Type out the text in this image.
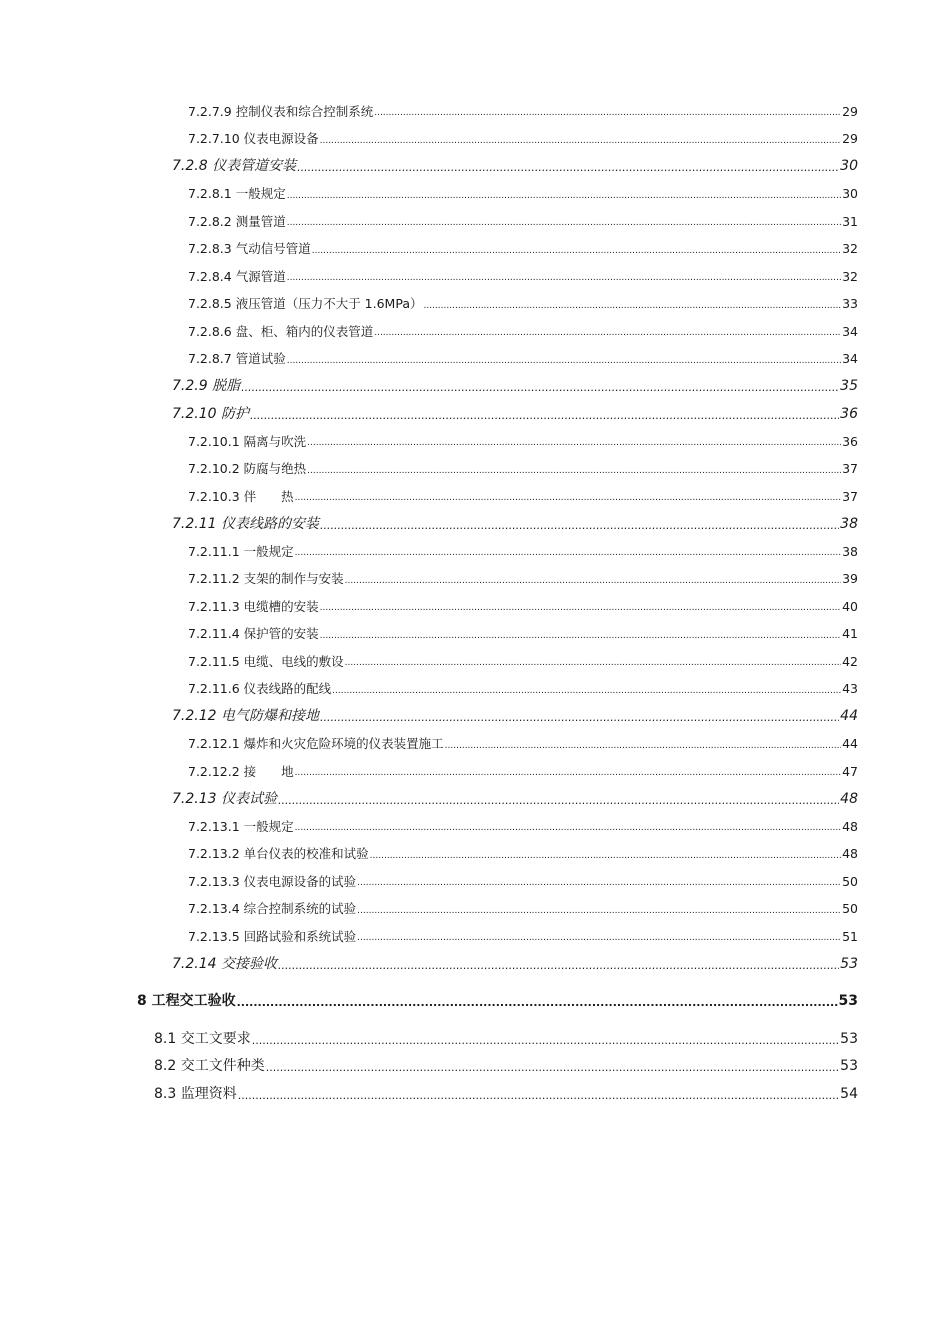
7.2.7.9 控制仪表和综合控制系统 .....	29
7.2.7.10 仪表电源设备 .....	29
7.2.8 仪表管道安装 .....	30
7.2.8.1 一般规定 .....	30
7.2.8.2 测量管道 .....	31
7.2.8.3 气动信号管道 .....	32
7.2.8.4 气源管道 .....	32
7.2.8.5 液压管道（压力不大于 1.6MPa） .....	33
7.2.8.6 盘、柜、箱内的仪表管道 .....	34
7.2.8.7 管道试验 .....	34
7.2.9 脱脂 .....	35
7.2.10 防护 .....	36
7.2.10.1 隔离与吹洗 .....	36
7.2.10.2 防腐与绝热 .....	37
7.2.10.3 伴　　热 .....	37
7.2.11 仪表线路的安装 .....	38
7.2.11.1 一般规定 .....	38
7.2.11.2 支架的制作与安装 .....	39
7.2.11.3 电缆槽的安装 .....	40
7.2.11.4 保护管的安装 .....	41
7.2.11.5 电缆、电线的敷设 .....	42
7.2.11.6 仪表线路的配线 .....	43
7.2.12 电气防爆和接地 .....	44
7.2.12.1 爆炸和火灾危险环境的仪表装置施工 .....	44
7.2.12.2 接　　地 .....	47
7.2.13 仪表试验 .....	48
7.2.13.1 一般规定 .....	48
7.2.13.2 单台仪表的校准和试验 .....	48
7.2.13.3 仪表电源设备的试验 .....	50
7.2.13.4 综合控制系统的试验 .....	50
7.2.13.5 回路试验和系统试验 .....	51
7.2.14 交接验收 .....	53
8 工程交工验收 .....	53
8.1 交工文要求 .....	53
8.2 交工文件种类 .....	53
8.3 监理资料 .....	54
